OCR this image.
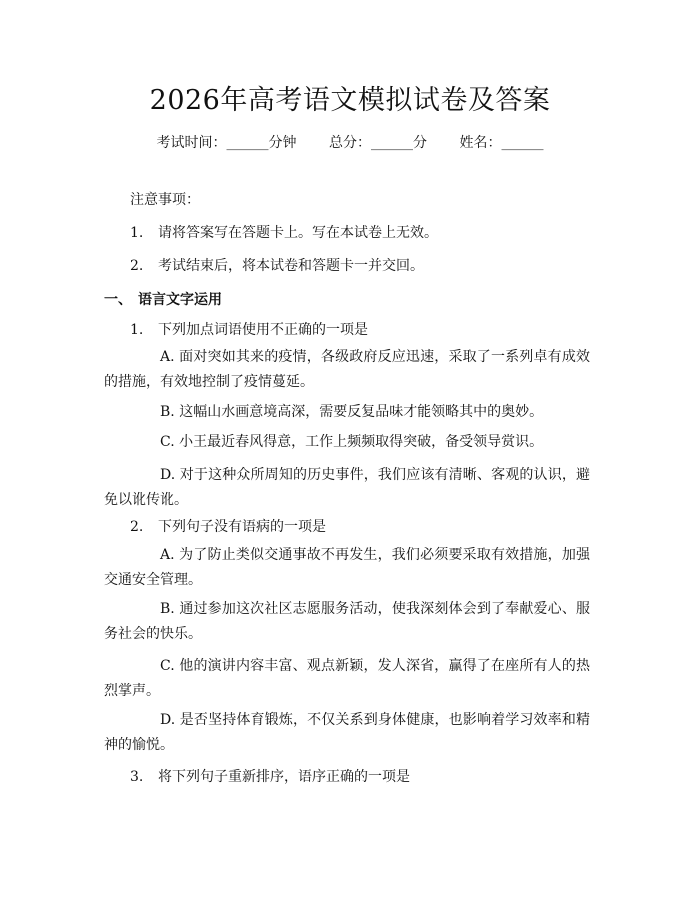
2026年高考语文模拟试卷及答案
考试时间：______分钟 总分：______分 姓名：______
注意事项：
1. 请将答案写在答题卡上。写在本试卷上无效。
2. 考试结束后，将本试卷和答题卡一并交回。
一、 语言文字运用
1. 下列加点词语使用不正确的一项是
A. 面对突如其来的疫情，各级政府反应迅速，采取了一系列卓有成效的措施，有效地控制了疫情蔓延。
B. 这幅山水画意境高深，需要反复品味才能领略其中的奥妙。
C. 小王最近春风得意，工作上频频取得突破，备受领导赏识。
D. 对于这种众所周知的历史事件，我们应该有清晰、客观的认识，避免以讹传讹。
2. 下列句子没有语病的一项是
A. 为了防止类似交通事故不再发生，我们必须要采取有效措施，加强交通安全管理。
B. 通过参加这次社区志愿服务活动，使我深刻体会到了奉献爱心、服务社会的快乐。
C. 他的演讲内容丰富、观点新颖，发人深省，赢得了在座所有人的热烈掌声。
D. 是否坚持体育锻炼，不仅关系到身体健康，也影响着学习效率和精神的愉悦。
3. 将下列句子重新排序，语序正确的一项是
